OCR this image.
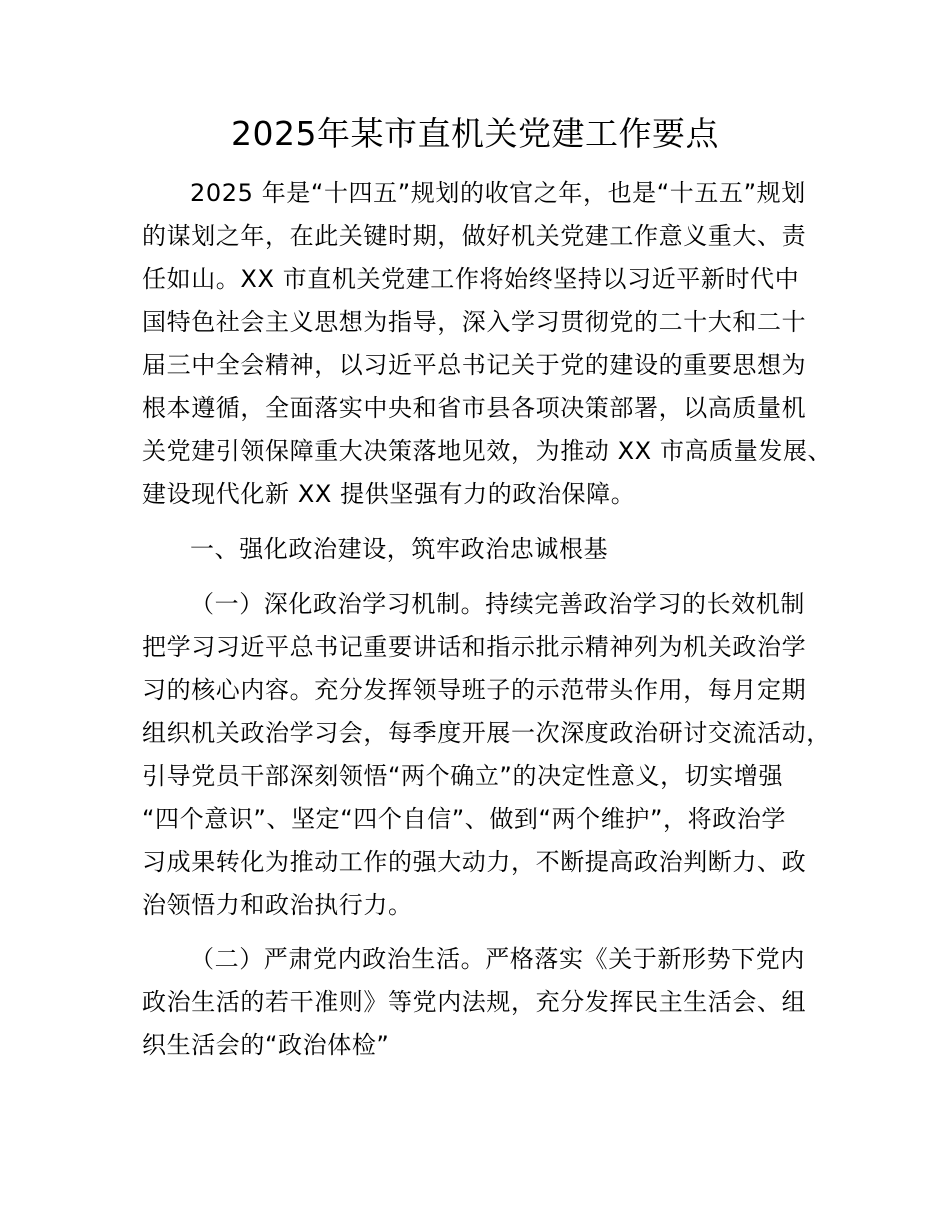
2025年某市直机关党建工作要点
2025 年是“十四五”规划的收官之年，也是“十五五”规划
的谋划之年，在此关键时期，做好机关党建工作意义重大、责
任如山。XX 市直机关党建工作将始终坚持以习近平新时代中
国特色社会主义思想为指导，深入学习贯彻党的二十大和二十
届三中全会精神，以习近平总书记关于党的建设的重要思想为
根本遵循，全面落实中央和省市县各项决策部署，以高质量机
关党建引领保障重大决策落地见效，为推动 XX 市高质量发展、
建设现代化新 XX 提供坚强有力的政治保障。
一、强化政治建设，筑牢政治忠诚根基
（一）深化政治学习机制。持续完善政治学习的长效机制
把学习习近平总书记重要讲话和指示批示精神列为机关政治学
习的核心内容。充分发挥领导班子的示范带头作用，每月定期
组织机关政治学习会，每季度开展一次深度政治研讨交流活动，
引导党员干部深刻领悟“两个确立”的决定性意义，切实增强
“四个意识”、坚定“四个自信”、做到“两个维护”，将政治学
习成果转化为推动工作的强大动力，不断提高政治判断力、政
治领悟力和政治执行力。
（二）严肃党内政治生活。严格落实《关于新形势下党内
政治生活的若干准则》等党内法规，充分发挥民主生活会、组
织生活会的“政治体检”
